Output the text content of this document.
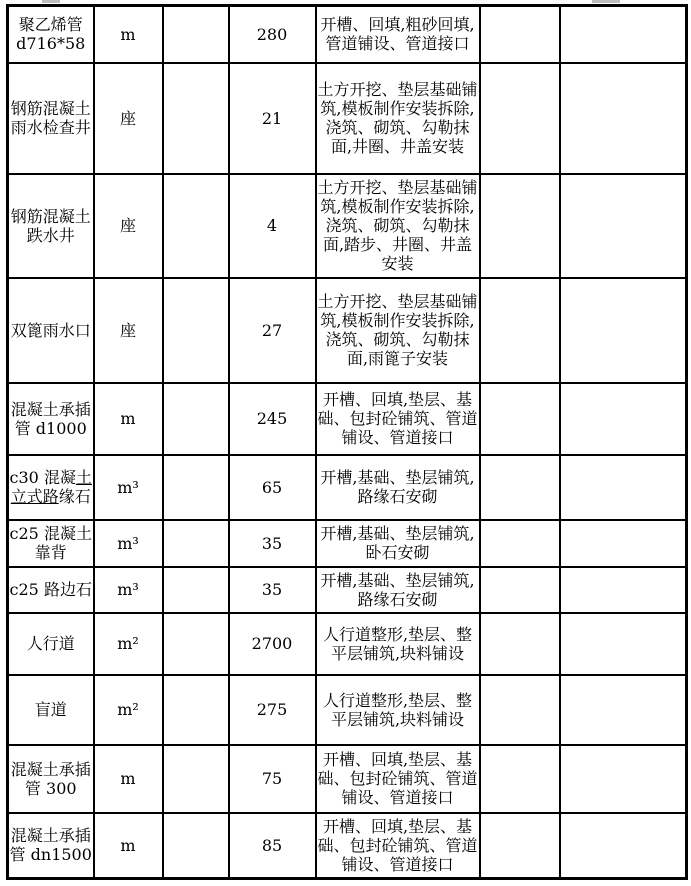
聚乙烯管d716*58	m		280	开槽、回填,粗砂回填,管道铺设、管道接口		
钢筋混凝土雨水检查井	座		21	土方开挖、垫层基础铺筑,模板制作安装拆除,浇筑、砌筑、勾勒抹面,井圈、井盖安装		
钢筋混凝土跌水井	座		4	土方开挖、垫层基础铺筑,模板制作安装拆除,浇筑、砌筑、勾勒抹面,踏步、井圈、井盖安装		
双篦雨水口	座		27	土方开挖、垫层基础铺筑,模板制作安装拆除,浇筑、砌筑、勾勒抹面,雨篦子安装		
混凝土承插管 d1000	m		245	开槽、回填,垫层、基础、包封砼铺筑、管道铺设、管道接口		
c30 混凝土立式路缘石	m³		65	开槽,基础、垫层铺筑,路缘石安砌		
c25 混凝土靠背	m³		35	开槽,基础、垫层铺筑,卧石安砌		
c25 路边石	m³		35	开槽,基础、垫层铺筑,路缘石安砌		
人行道	m²		2700	人行道整形,垫层、整平层铺筑,块料铺设		
盲道	m²		275	人行道整形,垫层、整平层铺筑,块料铺设		
混凝土承插管 300	m		75	开槽、回填,垫层、基础、包封砼铺筑、管道铺设、管道接口		
混凝土承插管 dn1500	m		85	开槽、回填,垫层、基础、包封砼铺筑、管道铺设、管道接口		
